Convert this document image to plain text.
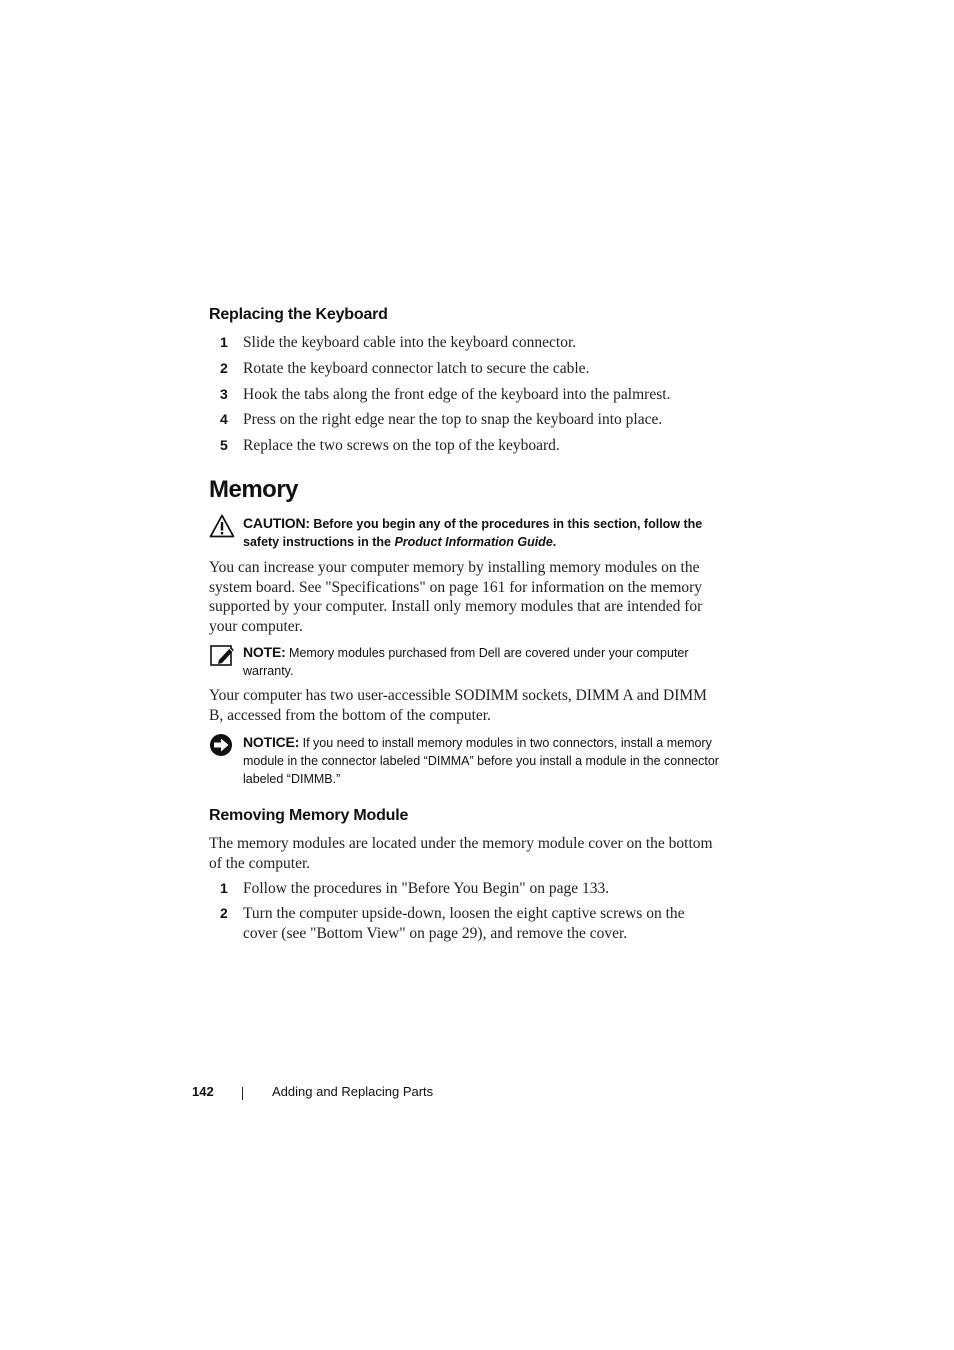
Replacing the Keyboard
1 Slide the keyboard cable into the keyboard connector.
2 Rotate the keyboard connector latch to secure the cable.
3 Hook the tabs along the front edge of the keyboard into the palmrest.
4 Press on the right edge near the top to snap the keyboard into place.
5 Replace the two screws on the top of the keyboard.
Memory
CAUTION: Before you begin any of the procedures in this section, follow the safety instructions in the Product Information Guide.

You can increase your computer memory by installing memory modules on the system board. See "Specifications" on page 161 for information on the memory supported by your computer. Install only memory modules that are intended for your computer.

NOTE: Memory modules purchased from Dell are covered under your computer warranty.

Your computer has two user-accessible SODIMM sockets, DIMM A and DIMM B, accessed from the bottom of the computer.

NOTICE: If you need to install memory modules in two connectors, install a memory module in the connector labeled “DIMMA” before you install a module in the connector labeled “DIMMB.”
Removing Memory Module

The memory modules are located under the memory module cover on the bottom of the computer.

1 Follow the procedures in "Before You Begin" on page 133.
2 Turn the computer upside-down, loosen the eight captive screws on the cover (see "Bottom View" on page 29), and remove the cover.
142	Adding and Replacing Parts
